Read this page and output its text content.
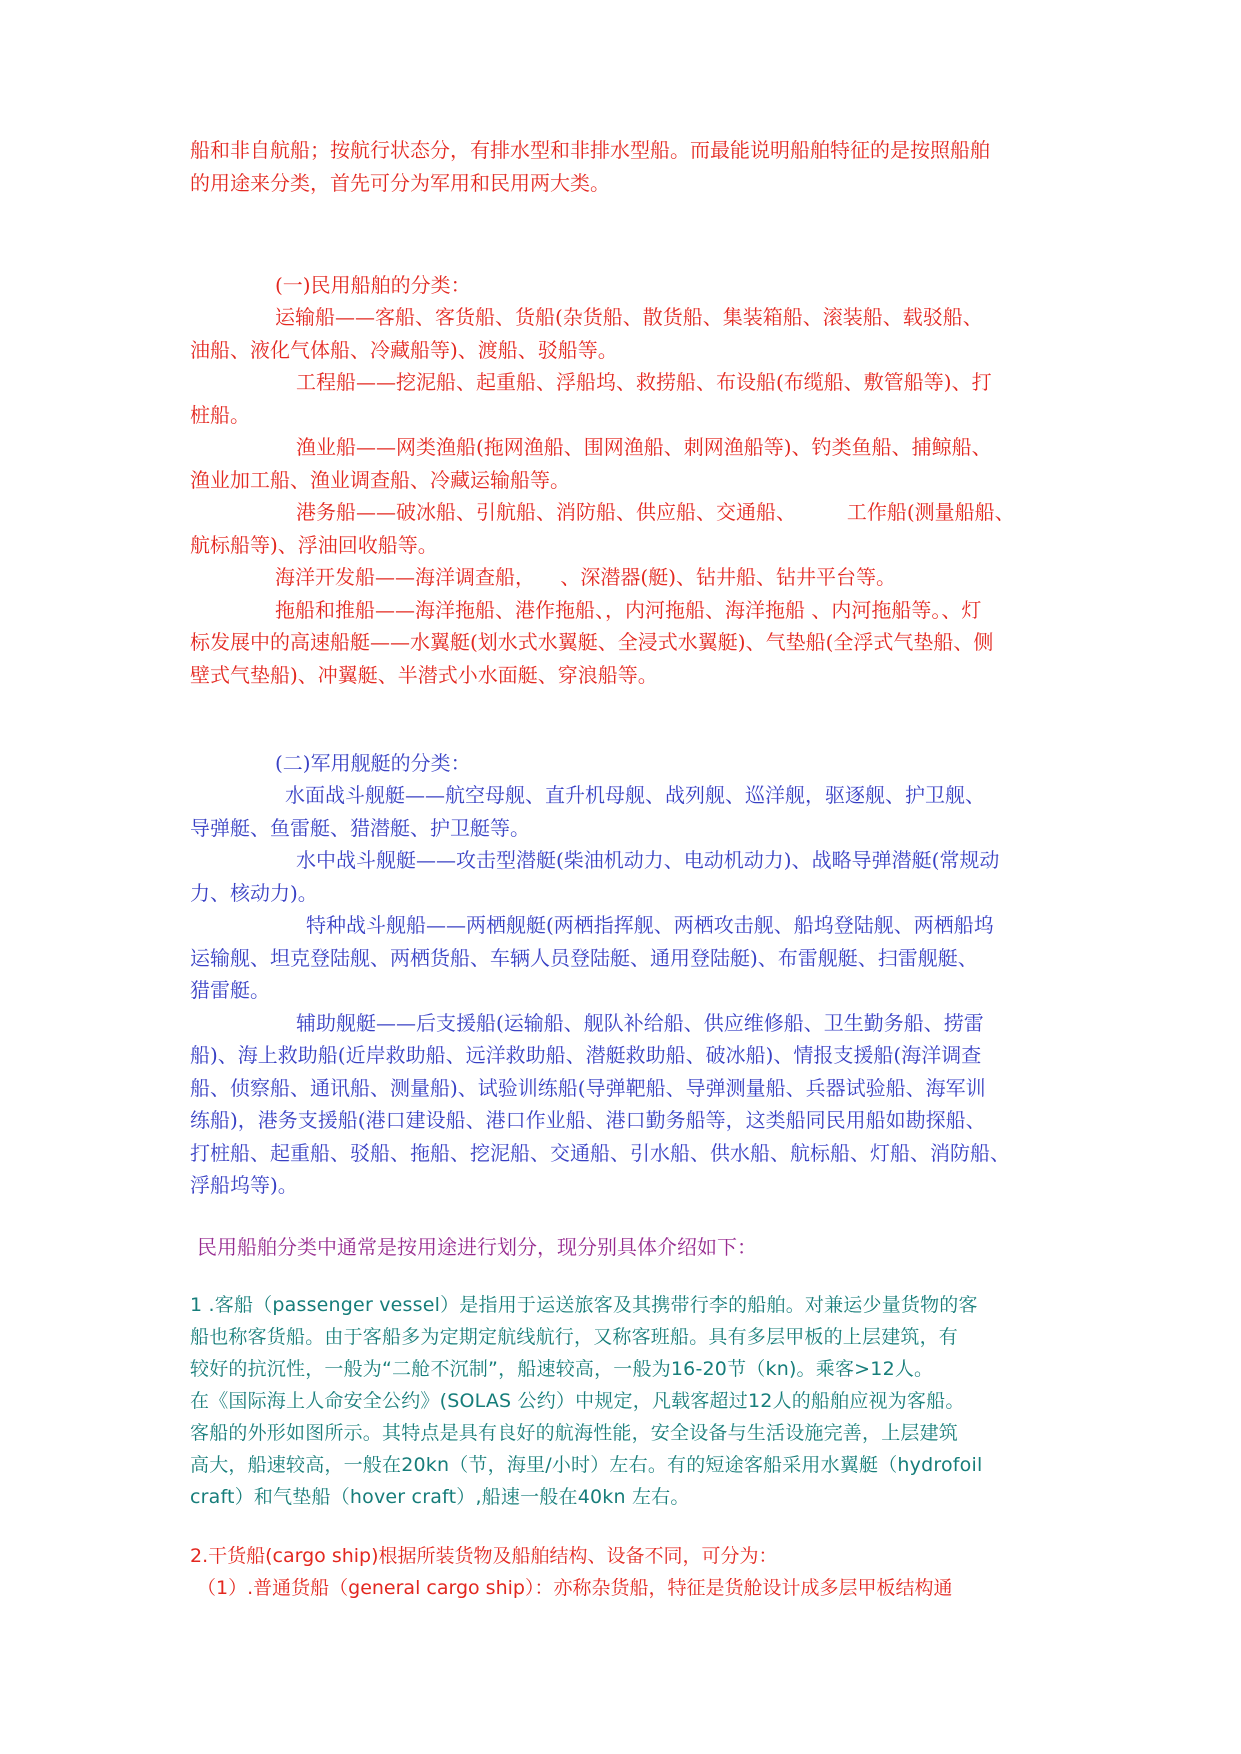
船和非自航船；按航行状态分，有排水型和非排水型船。而最能说明船舶特征的是按照船舶
的用途来分类，首先可分为军用和民用两大类。
(一)民用船舶的分类：
运输船——客船、客货船、货船(杂货船、散货船、集装箱船、滚装船、载驳船、
油船、液化气体船、冷藏船等)、渡船、驳船等。
工程船——挖泥船、起重船、浮船坞、救捞船、布设船(布缆船、敷管船等)、打
桩船。
渔业船——网类渔船(拖网渔船、围网渔船、刺网渔船等)、钓类鱼船、捕鲸船、
渔业加工船、渔业调查船、冷藏运输船等。
港务船——破冰船、引航船、消防船、供应船、交通船、        工作船(测量船船、
航标船等)、浮油回收船等。
海洋开发船——海洋调查船，    、深潜器(艇)、钻井船、钻井平台等。
拖船和推船——海洋拖船、港作拖船、，内河拖船、海洋拖船 、内河拖船等。、灯
标发展中的高速船艇——水翼艇(划水式水翼艇、全浸式水翼艇)、气垫船(全浮式气垫船、侧
壁式气垫船)、冲翼艇、半潜式小水面艇、穿浪船等。
(二)军用舰艇的分类：
水面战斗舰艇——航空母舰、直升机母舰、战列舰、巡洋舰，驱逐舰、护卫舰、
导弹艇、鱼雷艇、猎潜艇、护卫艇等。
水中战斗舰艇——攻击型潜艇(柴油机动力、电动机动力)、战略导弹潜艇(常规动
力、核动力)。
特种战斗舰船——两栖舰艇(两栖指挥舰、两栖攻击舰、船坞登陆舰、两栖船坞
运输舰、坦克登陆舰、两栖货船、车辆人员登陆艇、通用登陆艇)、布雷舰艇、扫雷舰艇、
猎雷艇。
辅助舰艇——后支援船(运输船、舰队补给船、供应维修船、卫生勤务船、捞雷
船)、海上救助船(近岸救助船、远洋救助船、潜艇救助船、破冰船)、情报支援船(海洋调查
船、侦察船、通讯船、测量船)、试验训练船(导弹靶船、导弹测量船、兵器试验船、海军训
练船)，港务支援船(港口建设船、港口作业船、港口勤务船等，这类船同民用船如勘探船、
打桩船、起重船、驳船、拖船、挖泥船、交通船、引水船、供水船、航标船、灯船、消防船、
浮船坞等)。
民用船舶分类中通常是按用途进行划分，现分别具体介绍如下：
1 .客船（passenger vessel）是指用于运送旅客及其携带行李的船舶。对兼运少量货物的客
船也称客货船。由于客船多为定期定航线航行，又称客班船。具有多层甲板的上层建筑，有
较好的抗沉性，一般为“二舱不沉制”，船速较高，一般为16-20节（kn)。乘客>12人。
在《国际海上人命安全公约》(SOLAS 公约）中规定，凡载客超过12人的船舶应视为客船。
客船的外形如图所示。其特点是具有良好的航海性能，安全设备与生活设施完善，上层建筑
高大，船速较高，一般在20kn（节，海里/小时）左右。有的短途客船采用水翼艇（hydrofoil
craft）和气垫船（hover craft）,船速一般在40kn 左右。
2.干货船(cargo ship)根据所装货物及船舶结构、设备不同，可分为：
（1）.普通货船（general cargo ship）：亦称杂货船，特征是货舱设计成多层甲板结构通
